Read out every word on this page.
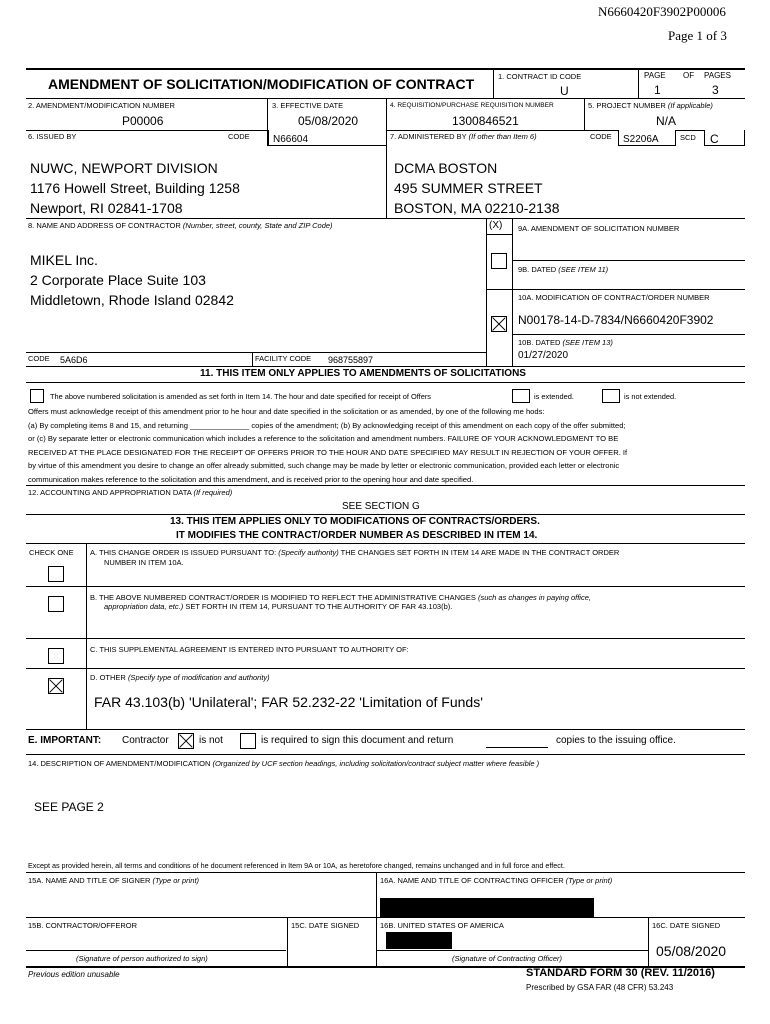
N6660420F3902P00006
Page 1 of 3
AMENDMENT OF SOLICITATION/MODIFICATION OF CONTRACT	1. CONTRACT ID CODE
U
PAGE OF PAGES
1	3
2. AMENDMENT/MODIFICATION NUMBER
P00006
3. EFFECTIVE DATE
05/08/2020
4. REQUISITION/PURCHASE REQUISITION NUMBER
1300846521
5. PROJECT NUMBER (If applicable)
N/A
6. ISSUED BY	CODE N66604	7. ADMINISTERED BY (If other than Item 6)	CODE S2206A	SCD C
NUWC, NEWPORT DIVISION
1176 Howell Street, Building 1258
Newport, RI 02841-1708
DCMA BOSTON
495 SUMMER STREET
BOSTON, MA 02210-2138
8. NAME AND ADDRESS OF CONTRACTOR (Number, street, county, State and ZIP Code)
MIKEL Inc.
2 Corporate Place Suite 103
Middletown, Rhode Island 02842
(X) 9A. AMENDMENT OF SOLICITATION NUMBER
9B. DATED (SEE ITEM 11)
10A. MODIFICATION OF CONTRACT/ORDER NUMBER
N00178-14-D-7834/N6660420F3902
10B. DATED (SEE ITEM 13)
01/27/2020
CODE 5A6D6	FACILITY CODE 968755897
11. THIS ITEM ONLY APPLIES TO AMENDMENTS OF SOLICITATIONS
The above numbered solicitation is amended as set forth in Item 14. The hour and date specified for receipt of Offers	is extended.	is not extended.
Offers must acknowledge receipt of this amendment prior to he hour and date specified in the solicitation or as amended, by one of the following me hods:
(a) By completing items 8 and 15, and returning ______________ copies of the amendment; (b) By acknowledging receipt of this amendment on each copy of the offer submitted;
or (c) By separate letter or electronic communication which includes a reference to the solicitation and amendment numbers. FAILURE OF YOUR ACKNOWLEDGMENT TO BE
RECEIVED AT THE PLACE DESIGNATED FOR THE RECEIPT OF OFFERS PRIOR TO THE HOUR AND DATE SPECIFIED MAY RESULT IN REJECTION OF YOUR OFFER. If
by virtue of this amendment you desire to change an offer already submitted, such change may be made by letter or electronic communication, provided each letter or electronic
communication makes reference to the solicitation and this amendment, and is received prior to the opening hour and date specified.
12. ACCOUNTING AND APPROPRIATION DATA (If required)
SEE SECTION G
13. THIS ITEM APPLIES ONLY TO MODIFICATIONS OF CONTRACTS/ORDERS.
IT MODIFIES THE CONTRACT/ORDER NUMBER AS DESCRIBED IN ITEM 14.
CHECK ONE A. THIS CHANGE ORDER IS ISSUED PURSUANT TO: (Specify authority) THE CHANGES SET FORTH IN ITEM 14 ARE MADE IN THE CONTRACT ORDER
NUMBER IN ITEM 10A.
B. THE ABOVE NUMBERED CONTRACT/ORDER IS MODIFIED TO REFLECT THE ADMINISTRATIVE CHANGES (such as changes in paying office,
appropriation data, etc.) SET FORTH IN ITEM 14, PURSUANT TO THE AUTHORITY OF FAR 43.103(b).
C. THIS SUPPLEMENTAL AGREEMENT IS ENTERED INTO PURSUANT TO AUTHORITY OF:
D. OTHER (Specify type of modification and authority)
FAR 43.103(b) 'Unilateral'; FAR 52.232-22 'Limitation of Funds'
E. IMPORTANT: Contractor	is not	is required to sign this document and return	copies to the issuing office.
14. DESCRIPTION OF AMENDMENT/MODIFICATION (Organized by UCF section headings, including solicitation/contract subject matter where feasible )
SEE PAGE 2
Except as provided herein, all terms and conditions of he document referenced in Item 9A or 10A, as heretofore changed, remains unchanged and in full force and effect.
15A. NAME AND TITLE OF SIGNER (Type or print)	16A. NAME AND TITLE OF CONTRACTING OFFICER (Type or print)
15B. CONTRACTOR/OFFEROR	15C. DATE SIGNED	16B. UNITED STATES OF AMERICA	16C. DATE SIGNED
05/08/2020
(Signature of person authorized to sign)	(Signature of Contracting Officer)
Previous edition unusable	STANDARD FORM 30 (REV. 11/2016)
Prescribed by GSA FAR (48 CFR) 53.243
